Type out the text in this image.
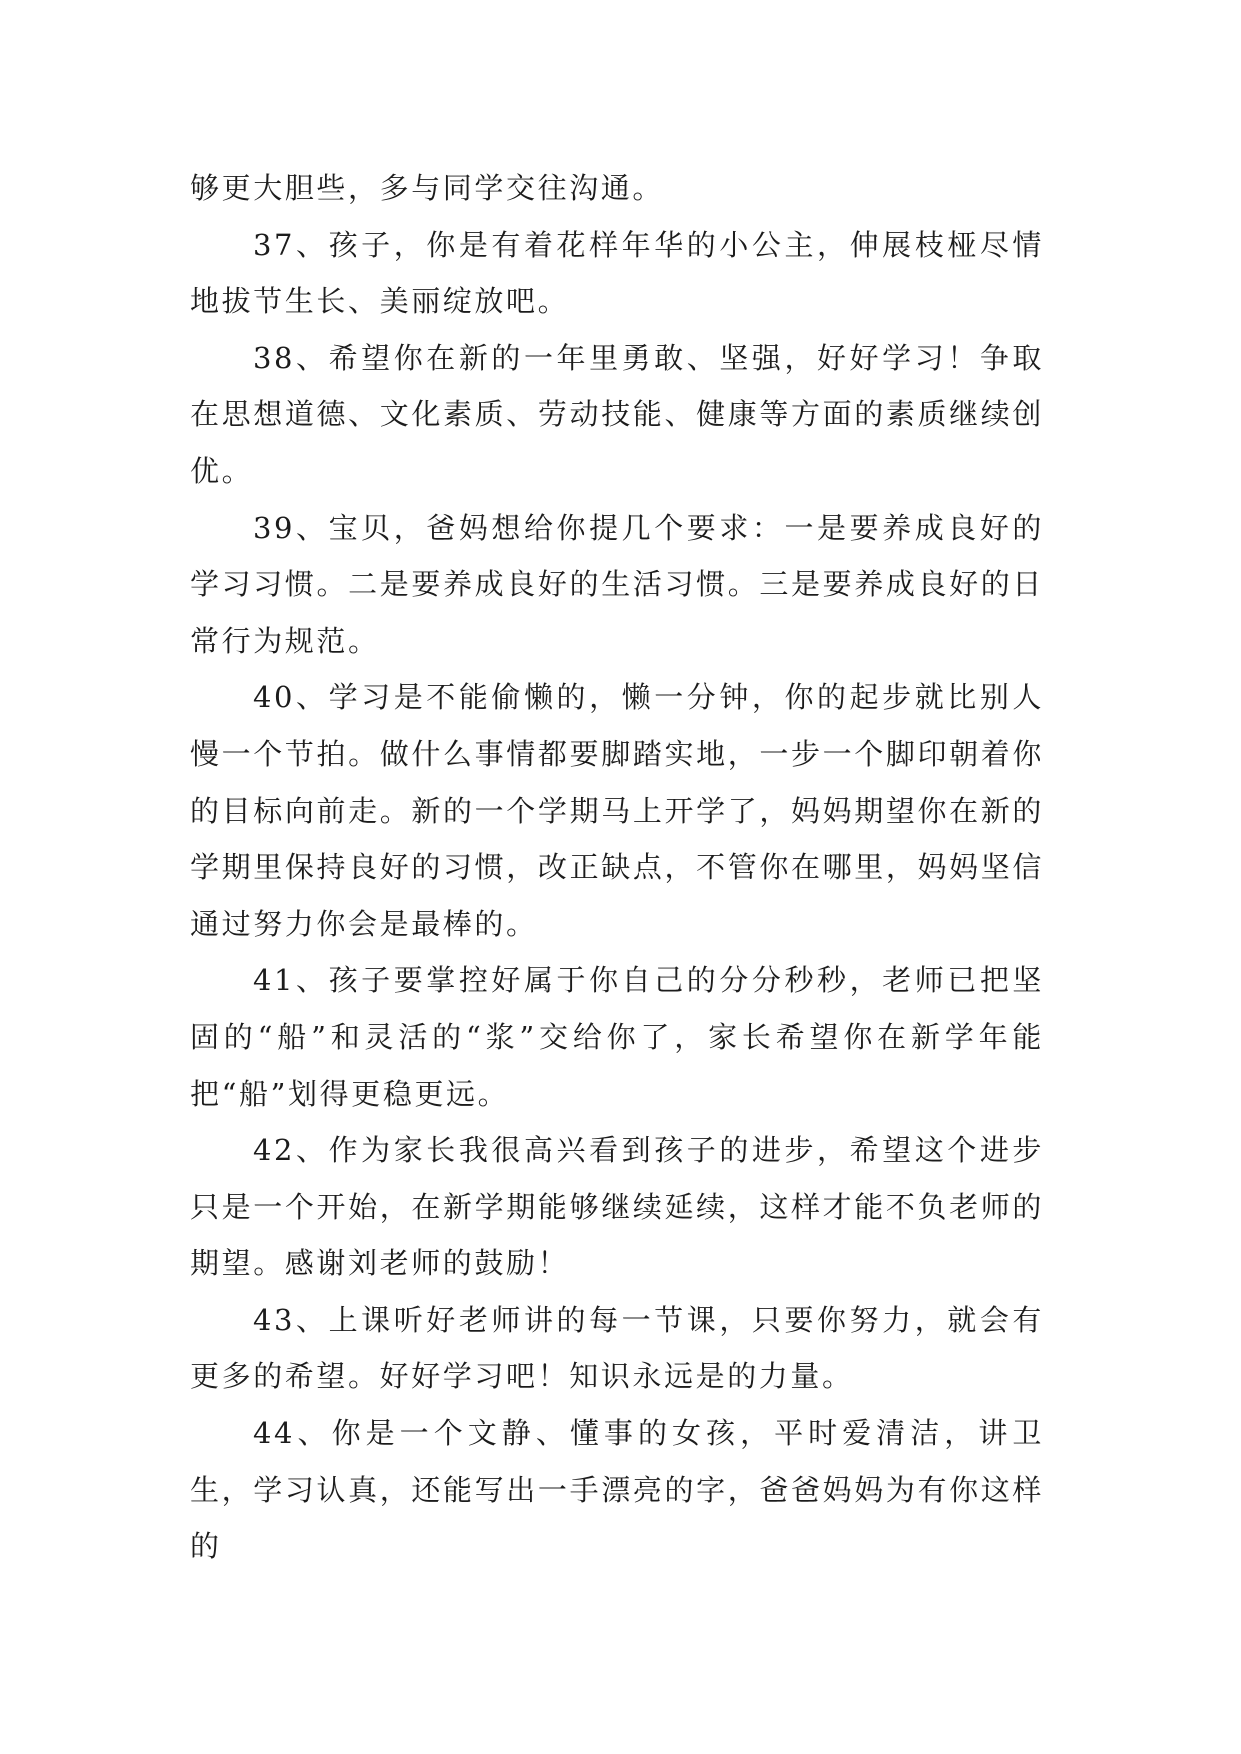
够更大胆些，多与同学交往沟通。

37、孩子，你是有着花样年华的小公主，伸展枝桠尽情地拔节生长、美丽绽放吧。

38、希望你在新的一年里勇敢、坚强，好好学习！争取在思想道德、文化素质、劳动技能、健康等方面的素质继续创优。

39、宝贝，爸妈想给你提几个要求：一是要养成良好的学习习惯。二是要养成良好的生活习惯。三是要养成良好的日常行为规范。

40、学习是不能偷懒的，懒一分钟，你的起步就比别人慢一个节拍。做什么事情都要脚踏实地，一步一个脚印朝着你的目标向前走。新的一个学期马上开学了，妈妈期望你在新的学期里保持良好的习惯，改正缺点，不管你在哪里，妈妈坚信通过努力你会是最棒的。

41、孩子要掌控好属于你自己的分分秒秒，老师已把坚固的“船”和灵活的“浆”交给你了，家长希望你在新学年能把“船”划得更稳更远。

42、作为家长我很高兴看到孩子的进步，希望这个进步只是一个开始，在新学期能够继续延续，这样才能不负老师的期望。感谢刘老师的鼓励！

43、上课听好老师讲的每一节课，只要你努力，就会有更多的希望。好好学习吧！知识永远是的力量。

44、你是一个文静、懂事的女孩，平时爱清洁，讲卫生，学习认真，还能写出一手漂亮的字，爸爸妈妈为有你这样的
